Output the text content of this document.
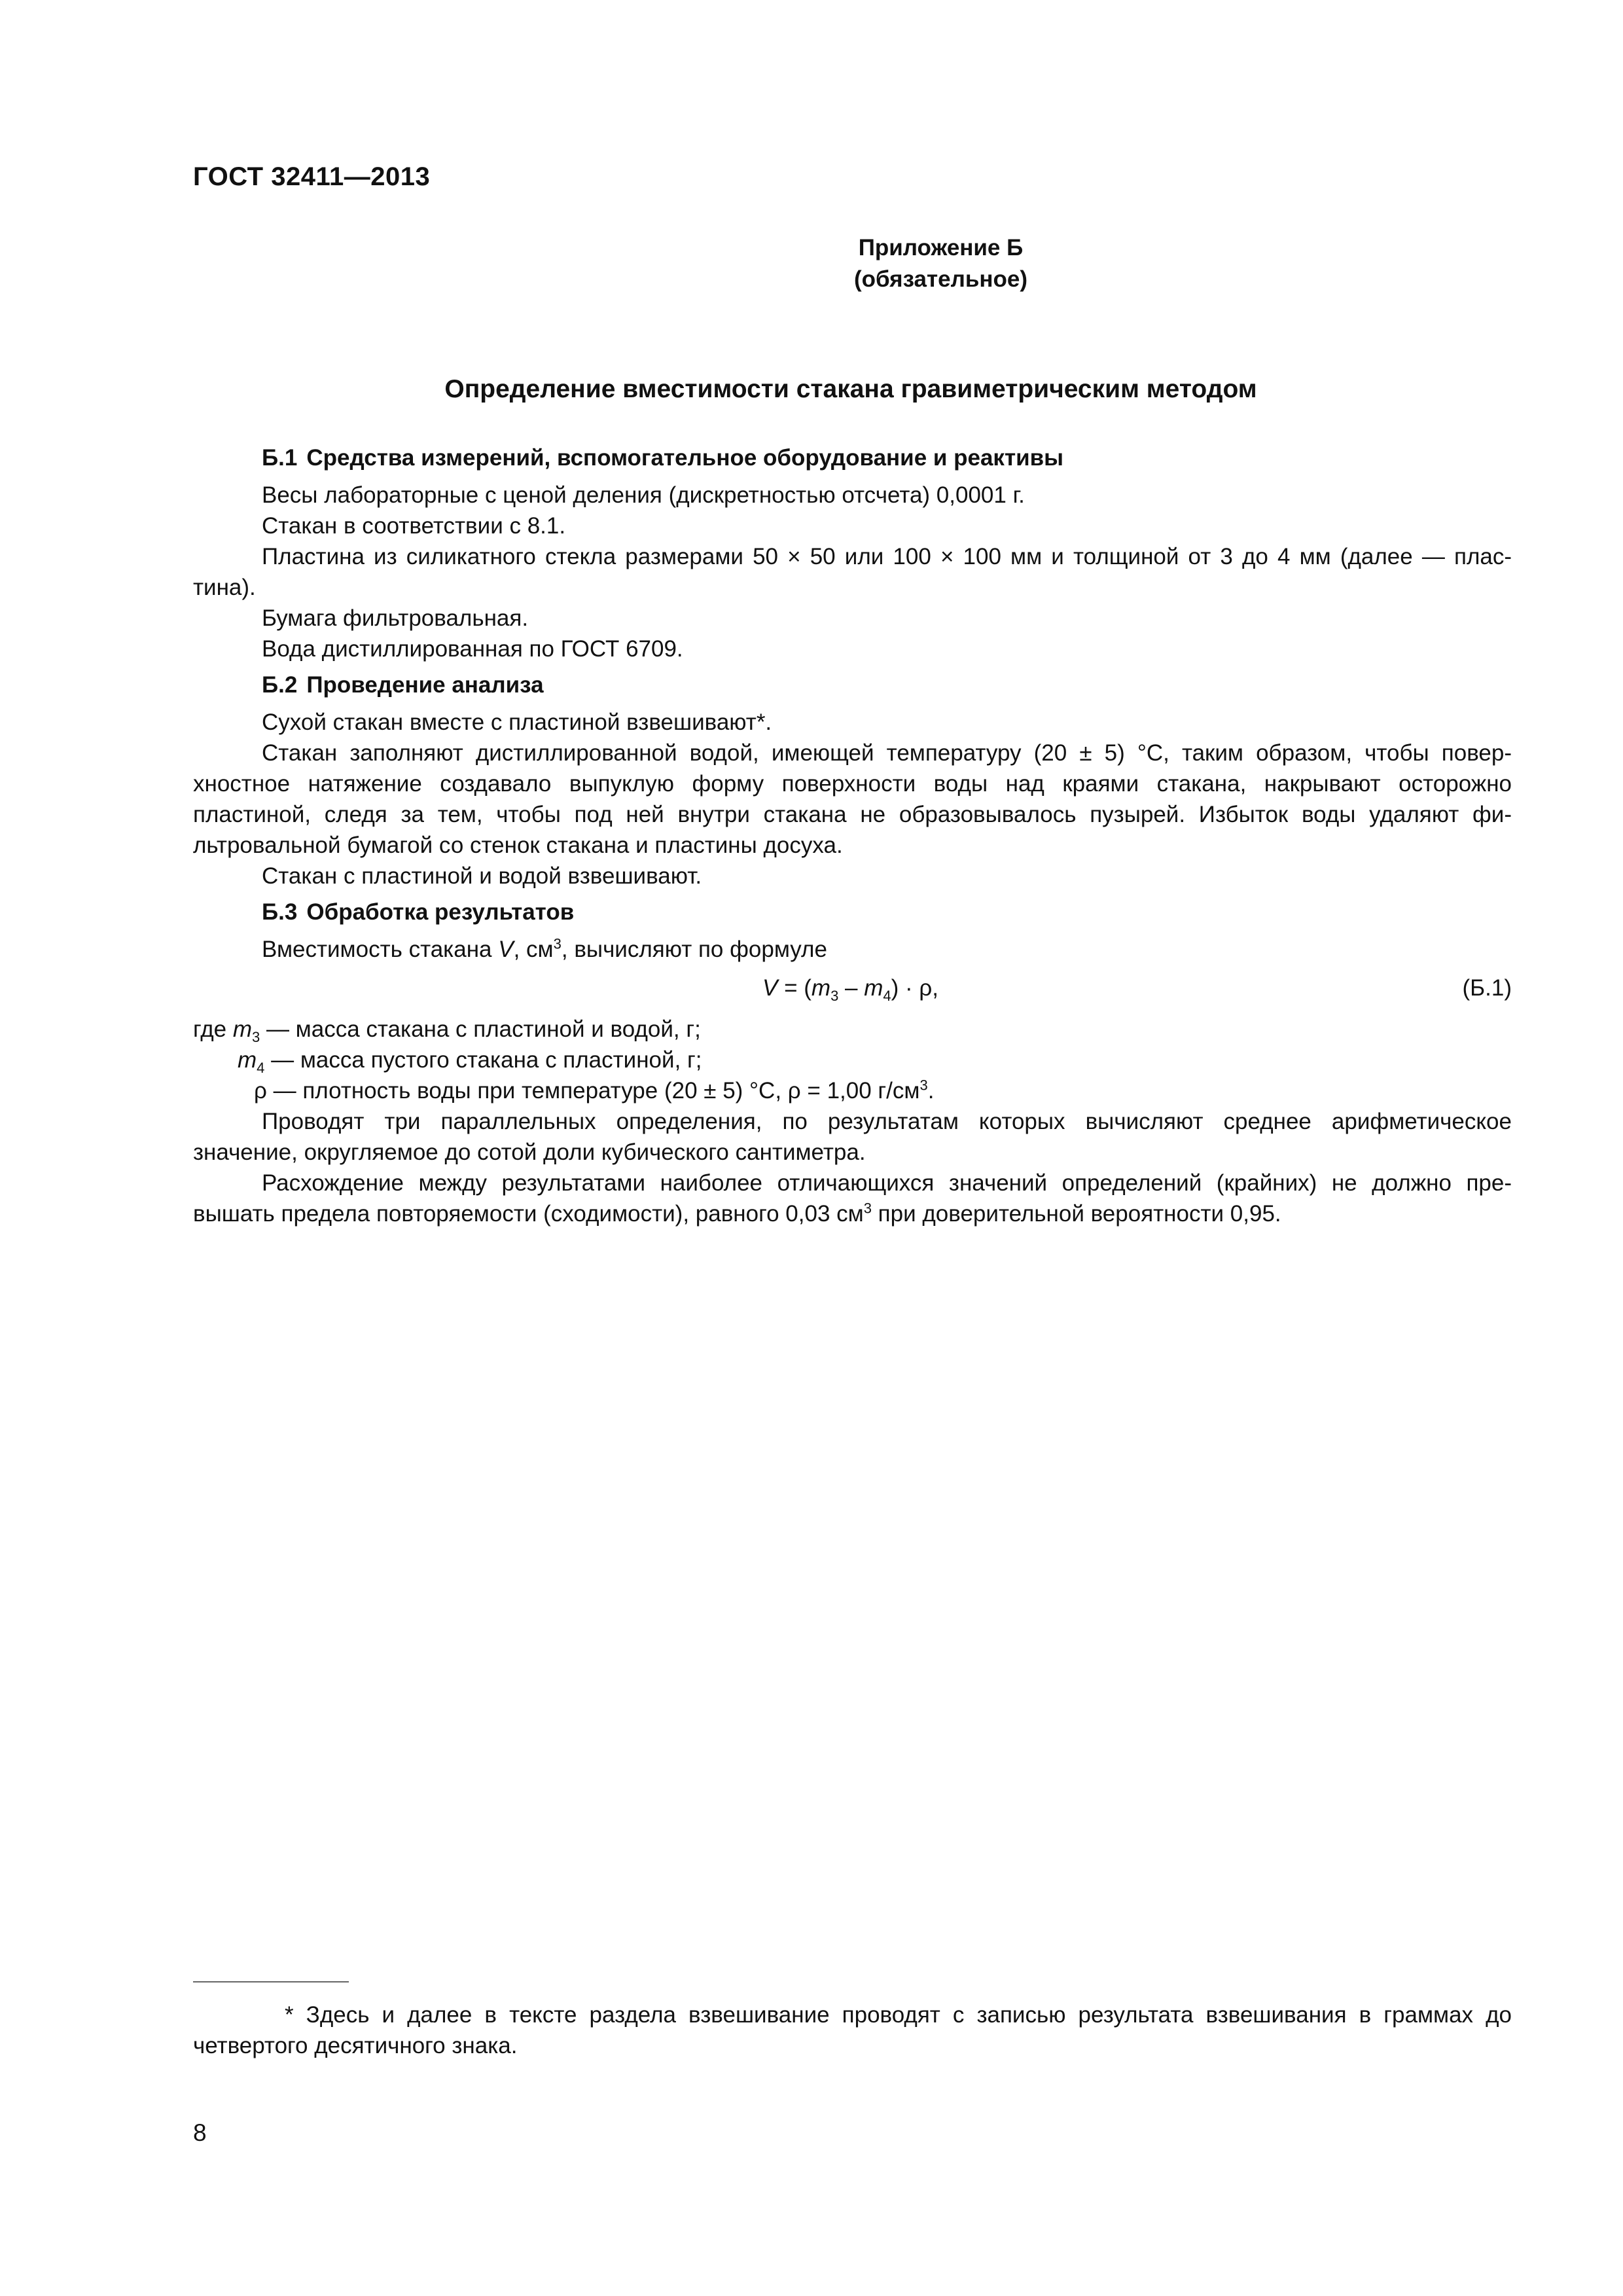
ГОСТ 32411—2013
Приложение Б
(обязательное)
Определение вместимости стакана гравиметрическим методом
Б.1 Средства измерений, вспомогательное оборудование и реактивы
Весы лабораторные с ценой деления (дискретностью отсчета) 0,0001 г.
Стакан в соответствии с 8.1.
Пластина из силикатного стекла размерами 50 × 50 или 100 × 100 мм и толщиной от 3 до 4 мм (далее — плас-
тина).
Бумага фильтровальная.
Вода дистиллированная по ГОСТ 6709.
Б.2 Проведение анализа
Сухой стакан вместе с пластиной взвешивают*.
Стакан заполняют дистиллированной водой, имеющей температуру (20 ± 5) °С, таким образом, чтобы повер-
хностное натяжение создавало выпуклую форму поверхности воды над краями стакана, накрывают осторожно
пластиной, следя за тем, чтобы под ней внутри стакана не образовывалось пузырей. Избыток воды удаляют фи-
льтровальной бумагой со стенок стакана и пластины досуха.
Стакан с пластиной и водой взвешивают.
Б.3 Обработка результатов
Вместимость стакана V, $см^3$, вычисляют по формуле
$V = (m_3 - m_4) \cdot \rho$,	(Б.1)
где $m_3$ — масса стакана с пластиной и водой, г;
$m_4$ — масса пустого стакана с пластиной, г;
ρ — плотность воды при температуре (20 ± 5) °С, ρ = 1,00 $г/см^3$.
Проводят три параллельных определения, по результатам которых вычисляют среднее арифметическое
значение, округляемое до сотой доли кубического сантиметра.
Расхождение между результатами наиболее отличающихся значений определений (крайних) не должно пре-
вышать предела повторяемости (сходимости), равного 0,03 $см^3$ при доверительной вероятности 0,95.
* Здесь и далее в тексте раздела взвешивание проводят с записью результата взвешивания в граммах до
четвертого десятичного знака.
8
